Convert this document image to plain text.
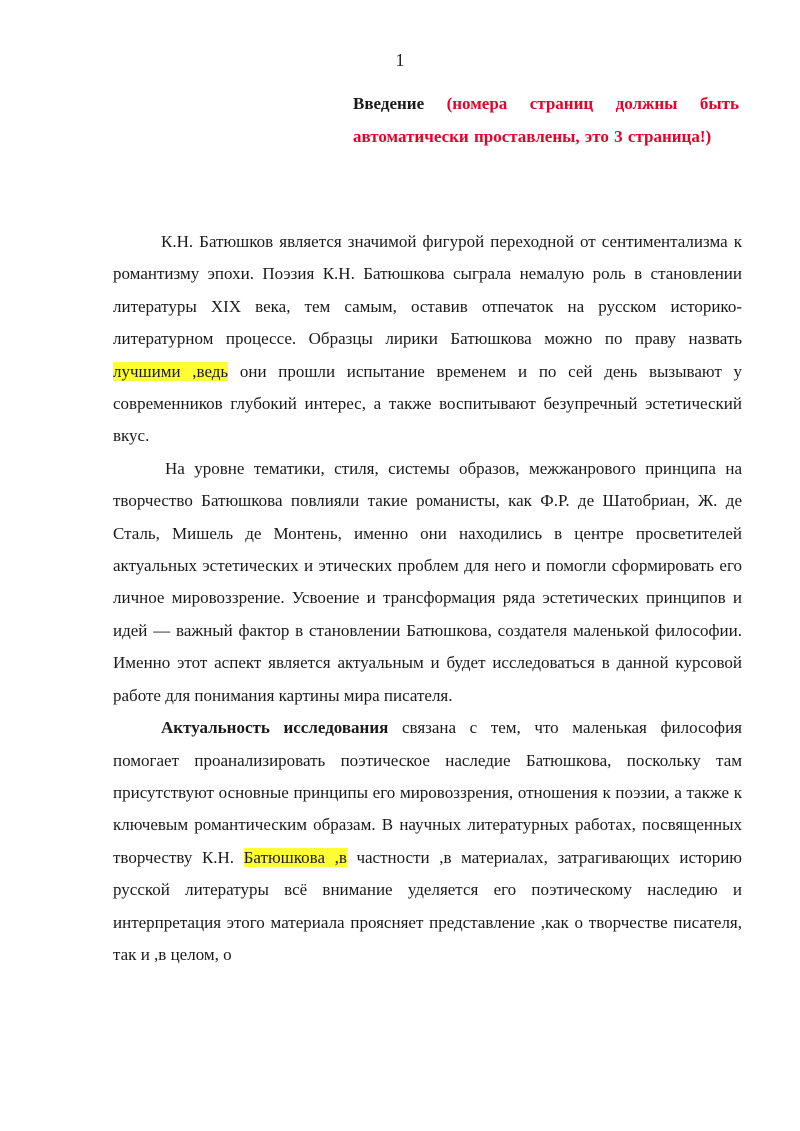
1
Введение (номера страниц должны быть автоматически проставлены, это 3 страница!)

К.Н. Батюшков является значимой фигурой переходной от сентиментализма к романтизму эпохи. Поэзия К.Н. Батюшкова сыграла немалую роль в становлении литературы XIX века, тем самым, оставив отпечаток на русском историко-литературном процессе. Образцы лирики Батюшкова можно по праву назвать лучшими ,ведь они прошли испытание временем и по сей день вызывают у современников глубокий интерес, а также воспитывают безупречный эстетический вкус.

На уровне тематики, стиля, системы образов, межжанрового принципа на творчество Батюшкова повлияли такие романисты, как Ф.Р. де Шатобриан, Ж. де Сталь, Мишель де Монтень, именно они находились в центре просветителей актуальных эстетических и этических проблем для него и помогли сформировать его личное мировоззрение. Усвоение и трансформация ряда эстетических принципов и идей — важный фактор в становлении Батюшкова, создателя маленькой философии. Именно этот аспект является актуальным и будет исследоваться в данной курсовой работе для понимания картины мира писателя.

Актуальность исследования связана с тем, что маленькая философия помогает проанализировать поэтическое наследие Батюшкова, поскольку там присутствуют основные принципы его мировоззрения, отношения к поэзии, а также к ключевым романтическим образам. В научных литературных работах, посвященных творчеству К.Н. Батюшкова ,в частности ,в материалах, затрагивающих историю русской литературы всё внимание уделяется его поэтическому наследию и интерпретация этого материала проясняет представление ,как о творчестве писателя, так и ,в целом, о
